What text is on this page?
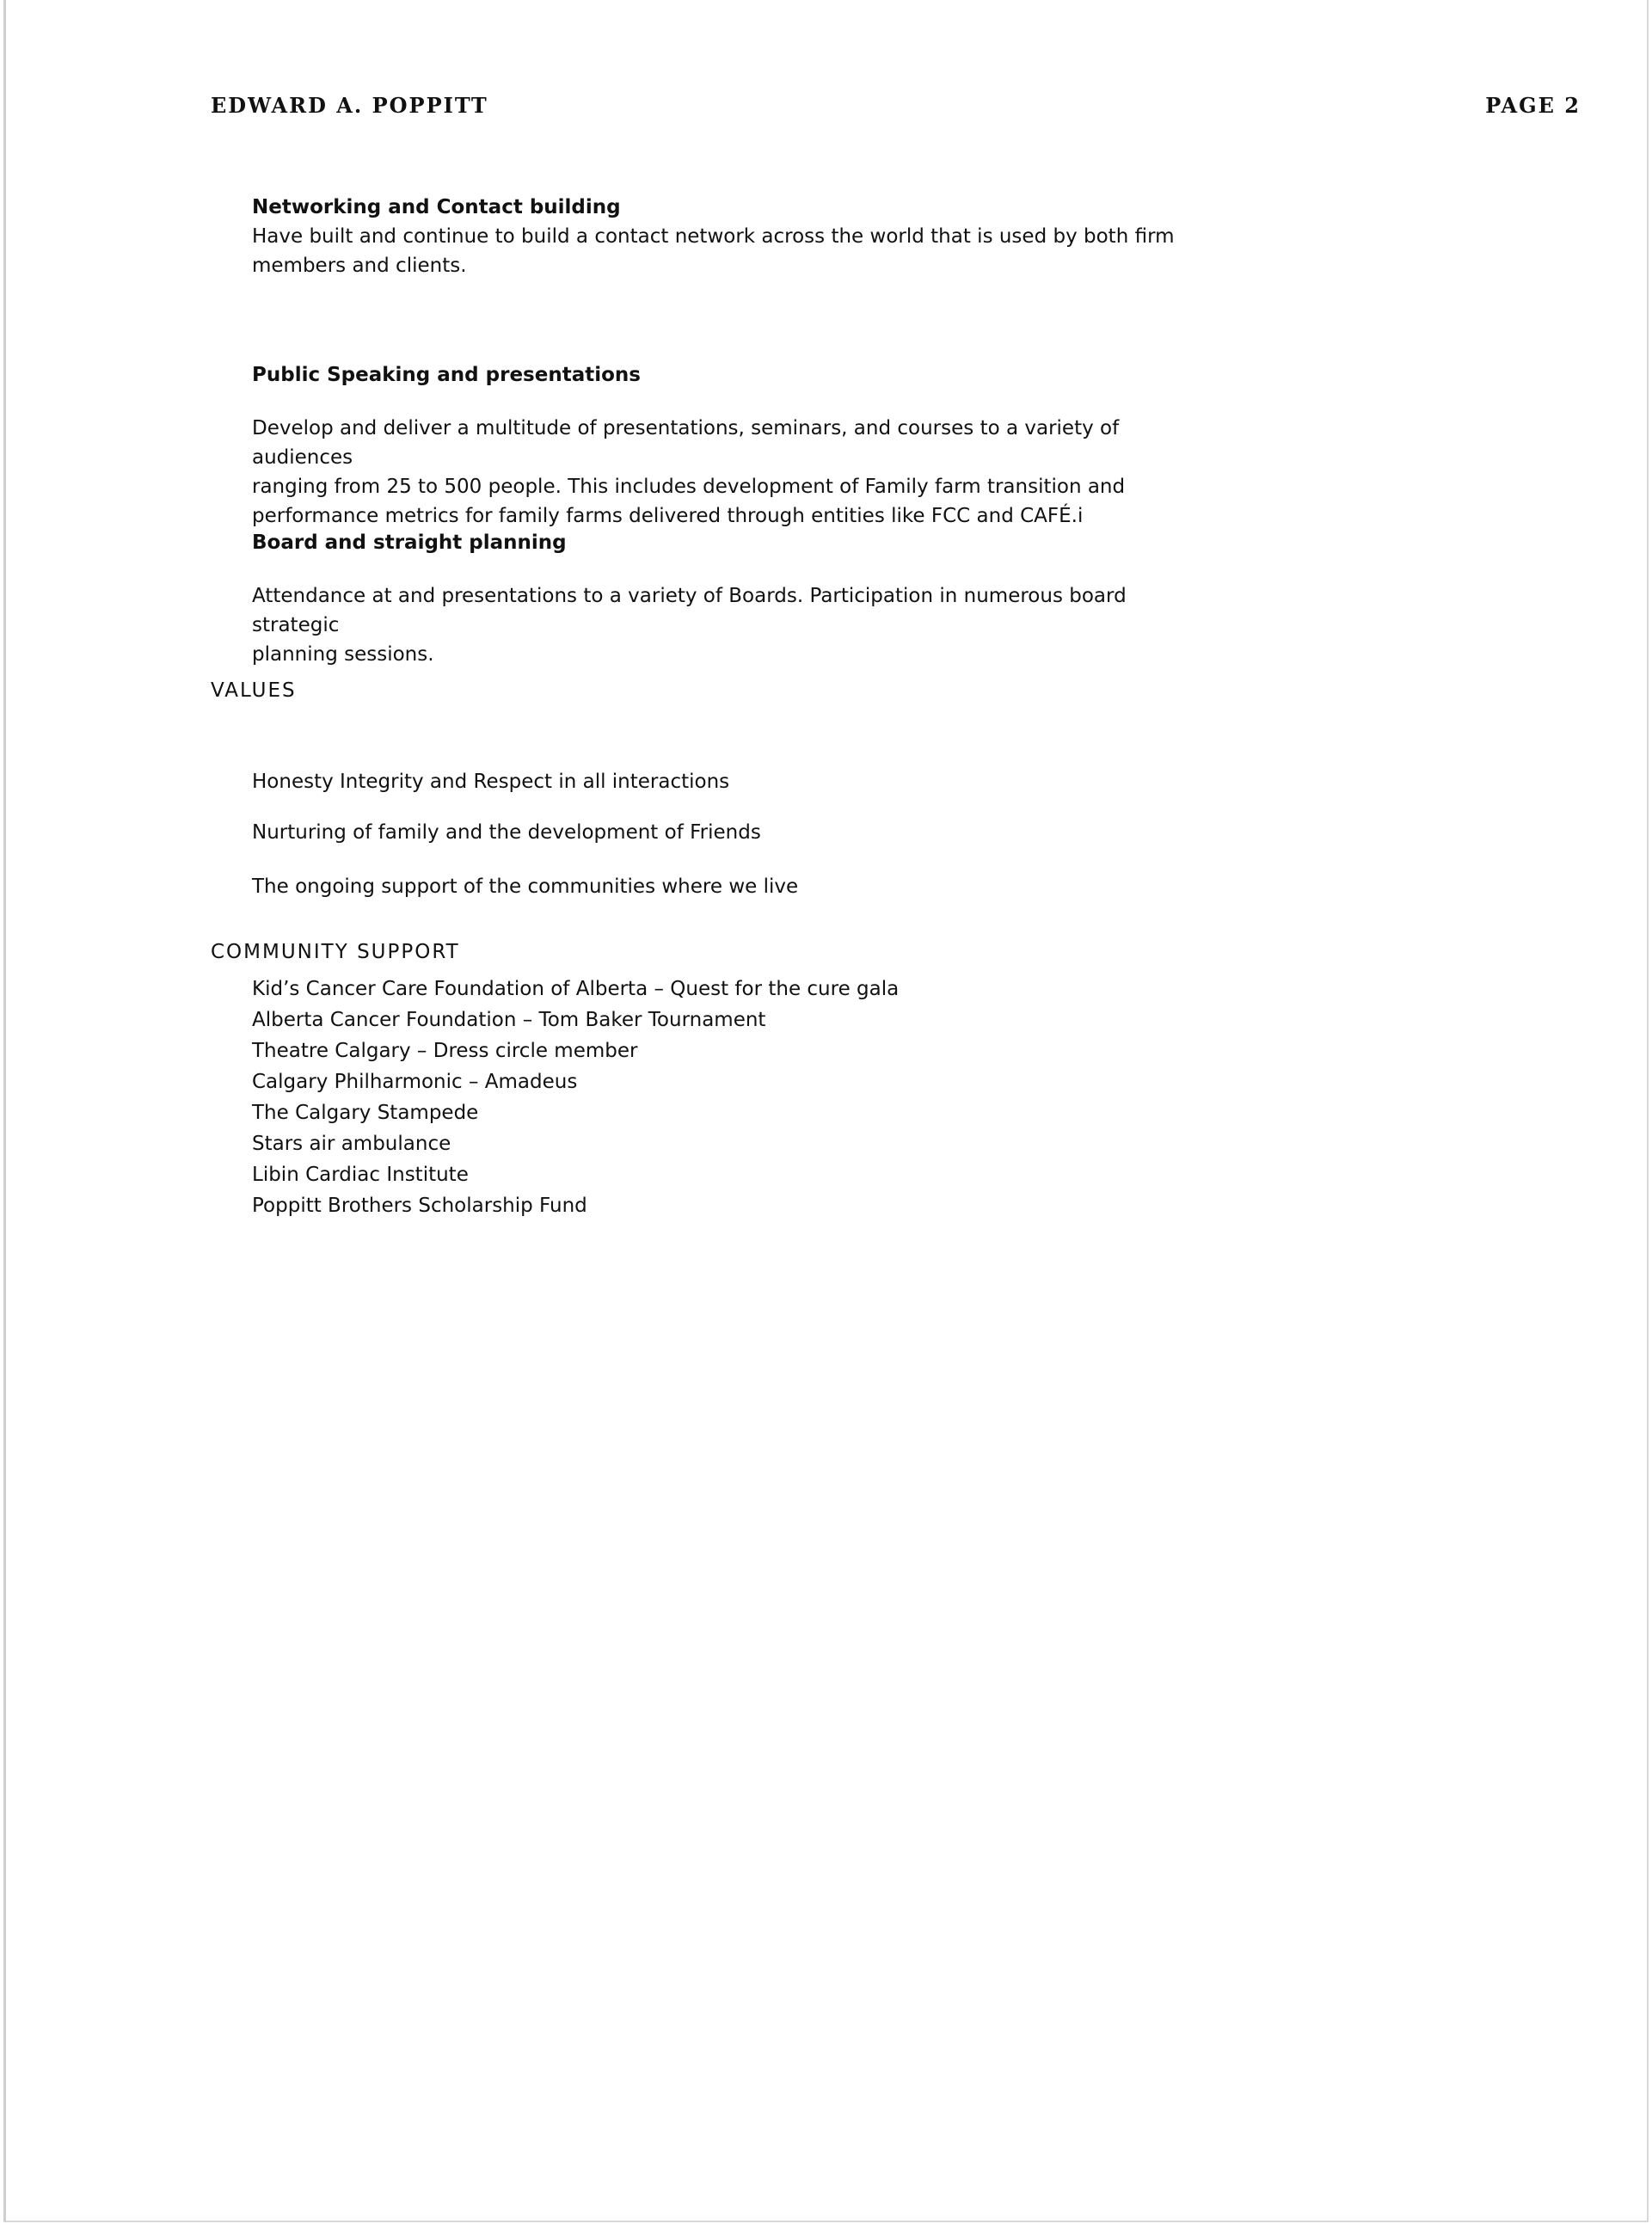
EDWARD A. POPPITT	PAGE 2
Networking and Contact building
Have built and continue to build a contact network across the world that is used by both firm
members and clients.
Public Speaking and presentations
Develop and deliver a multitude of presentations, seminars, and courses to a variety of audiences
ranging from 25 to 500 people. This includes development of Family farm transition and
performance metrics for family farms delivered through entities like FCC and CAFÉ.i
Board and straight planning
Attendance at and presentations to a variety of Boards. Participation in numerous board strategic
planning sessions.
VALUES
Honesty Integrity and Respect in all interactions
Nurturing of family and the development of Friends
The ongoing support of the communities where we live
COMMUNITY SUPPORT
Kid’s Cancer Care Foundation of Alberta – Quest for the cure gala
Alberta Cancer Foundation – Tom Baker Tournament
Theatre Calgary – Dress circle member
Calgary Philharmonic – Amadeus
The Calgary Stampede
Stars air ambulance
Libin Cardiac Institute
Poppitt Brothers Scholarship Fund
